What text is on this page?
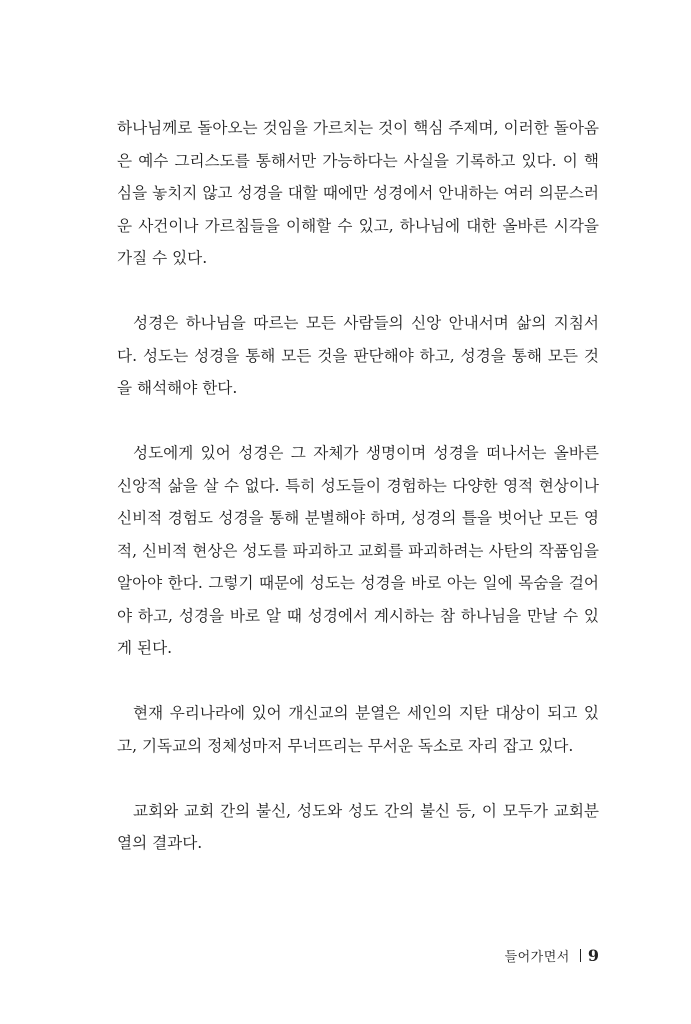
하나님께로 돌아오는 것임을 가르치는 것이 핵심 주제며, 이러한 돌아옴은 예수 그리스도를 통해서만 가능하다는 사실을 기록하고 있다. 이 핵심을 놓치지 않고 성경을 대할 때에만 성경에서 안내하는 여러 의문스러운 사건이나 가르침들을 이해할 수 있고, 하나님에 대한 올바른 시각을 가질 수 있다.

성경은 하나님을 따르는 모든 사람들의 신앙 안내서며 삶의 지침서다. 성도는 성경을 통해 모든 것을 판단해야 하고, 성경을 통해 모든 것을 해석해야 한다.

성도에게 있어 성경은 그 자체가 생명이며 성경을 떠나서는 올바른 신앙적 삶을 살 수 없다. 특히 성도들이 경험하는 다양한 영적 현상이나 신비적 경험도 성경을 통해 분별해야 하며, 성경의 틀을 벗어난 모든 영적, 신비적 현상은 성도를 파괴하고 교회를 파괴하려는 사탄의 작품임을 알아야 한다. 그렇기 때문에 성도는 성경을 바로 아는 일에 목숨을 걸어야 하고, 성경을 바로 알 때 성경에서 계시하는 참 하나님을 만날 수 있게 된다.

현재 우리나라에 있어 개신교의 분열은 세인의 지탄 대상이 되고 있고, 기독교의 정체성마저 무너뜨리는 무서운 독소로 자리 잡고 있다.

교회와 교회 간의 불신, 성도와 성도 간의 불신 등, 이 모두가 교회분열의 결과다.

들어가면서 9
